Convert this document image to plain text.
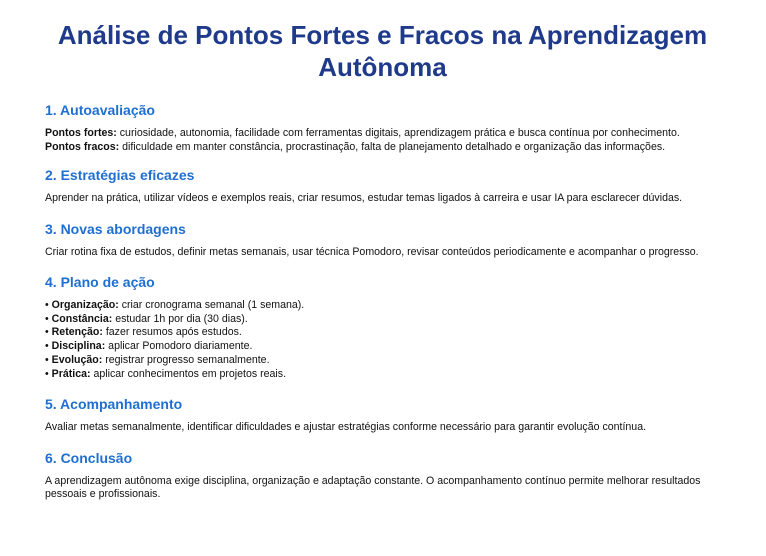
Análise de Pontos Fortes e Fracos na Aprendizagem Autônoma
1. Autoavaliação

Pontos fortes: curiosidade, autonomia, facilidade com ferramentas digitais, aprendizagem prática e busca contínua por conhecimento.

Pontos fracos: dificuldade em manter constância, procrastinação, falta de planejamento detalhado e organização das informações.

2. Estratégias eficazes

Aprender na prática, utilizar vídeos e exemplos reais, criar resumos, estudar temas ligados à carreira e usar IA para esclarecer dúvidas.

3. Novas abordagens

Criar rotina fixa de estudos, definir metas semanais, usar técnica Pomodoro, revisar conteúdos periodicamente e acompanhar o progresso.

4. Plano de ação
• Organização: criar cronograma semanal (1 semana).
• Constância: estudar 1h por dia (30 dias).
• Retenção: fazer resumos após estudos.
• Disciplina: aplicar Pomodoro diariamente.
• Evolução: registrar progresso semanalmente.
• Prática: aplicar conhecimentos em projetos reais.
5. Acompanhamento

Avaliar metas semanalmente, identificar dificuldades e ajustar estratégias conforme necessário para garantir evolução contínua.

6. Conclusão

A aprendizagem autônoma exige disciplina, organização e adaptação constante. O acompanhamento contínuo permite melhorar resultados pessoais e profissionais.
